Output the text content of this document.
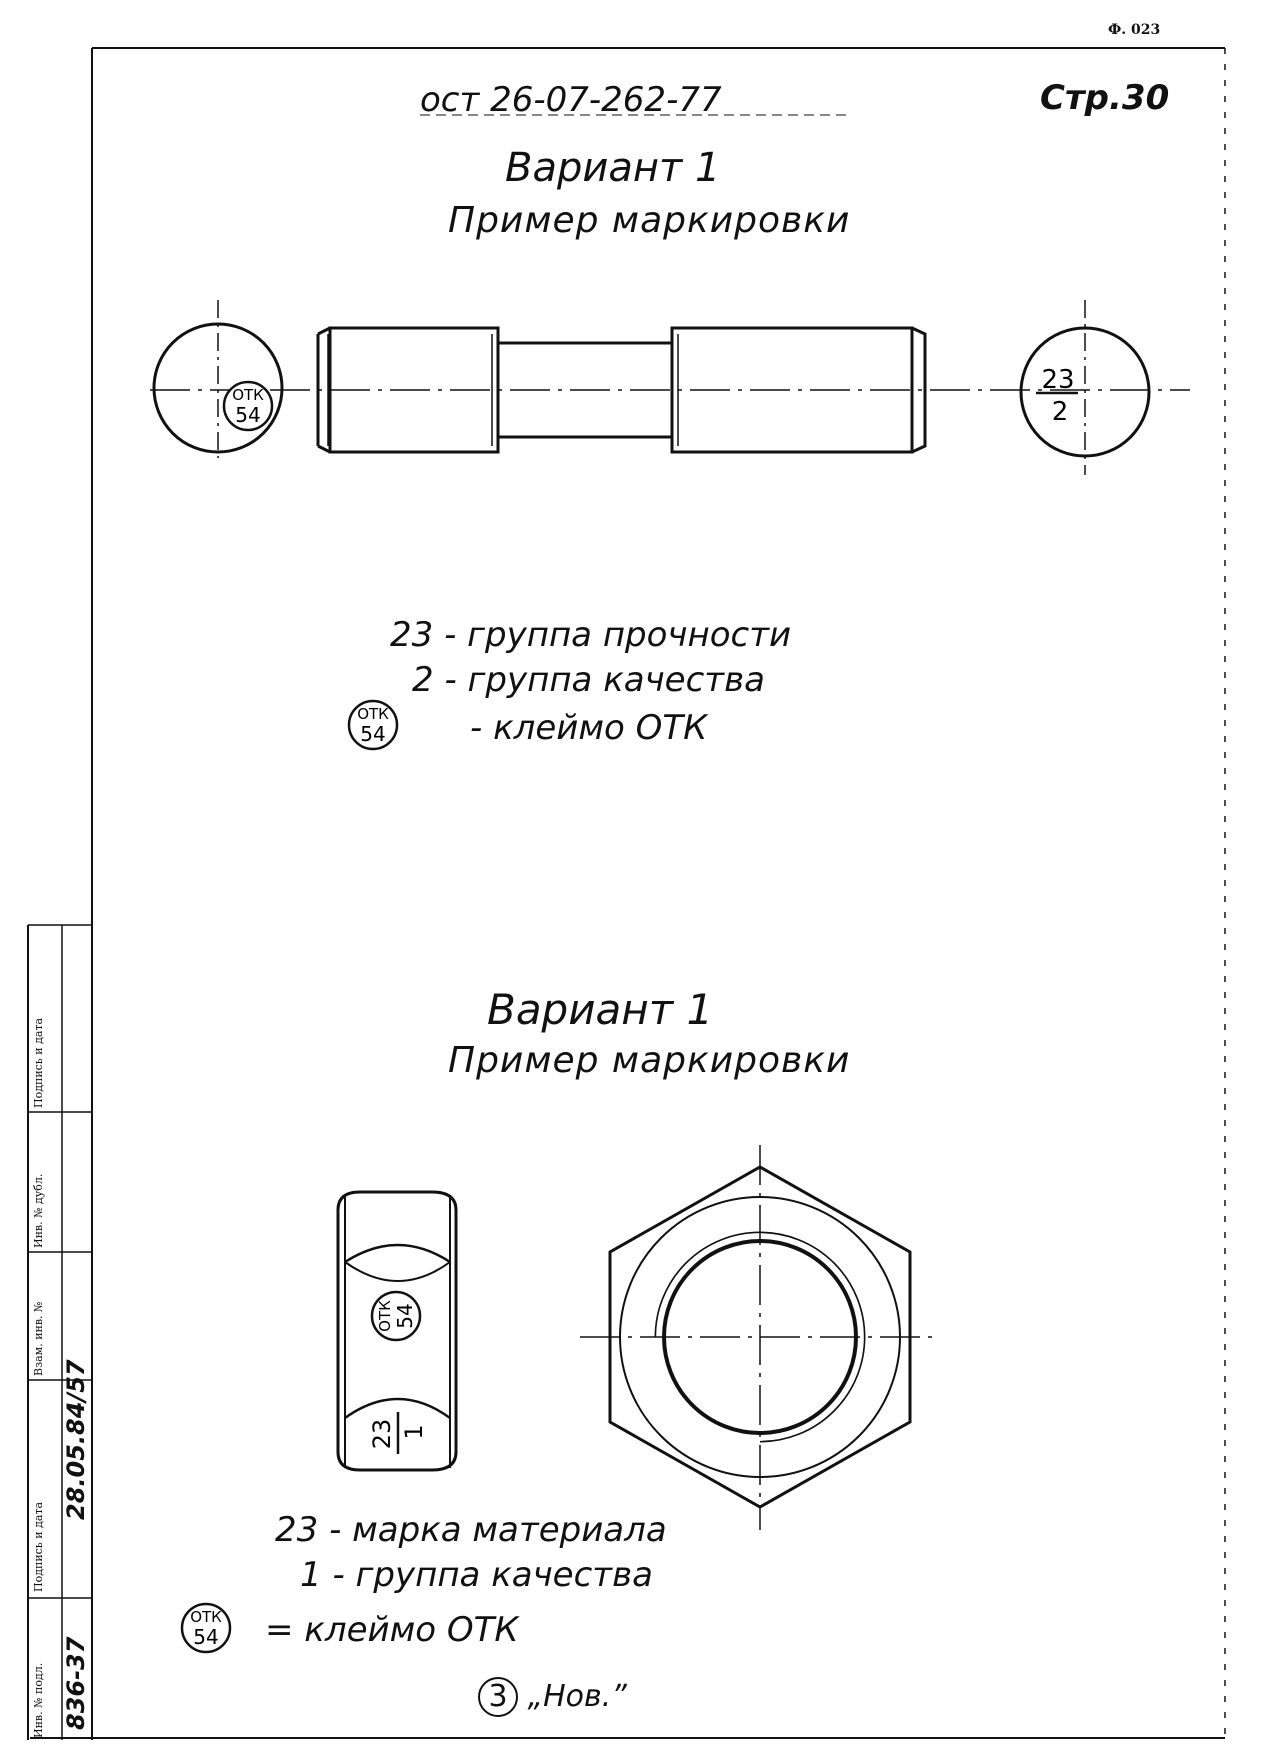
Ф. 023
ост 26-07-262-77	Стр.30
Вариант 1
Пример маркировки
23 - группа прочности
2 - группа качества
- клеймо ОТК
Вариант 1
Пример маркировки
23 - марка материала
1 - группа качества
= клеймо ОТК
3 „Нов.”
ОТК
54
23
2
ОТК
54
ОТК 54
23 1
ОТК
54
Инв. № подл.
Подпись и дата
Взам. инв. №
Инв. № дубл.
Подпись и дата
836-37
28.05.84/57
